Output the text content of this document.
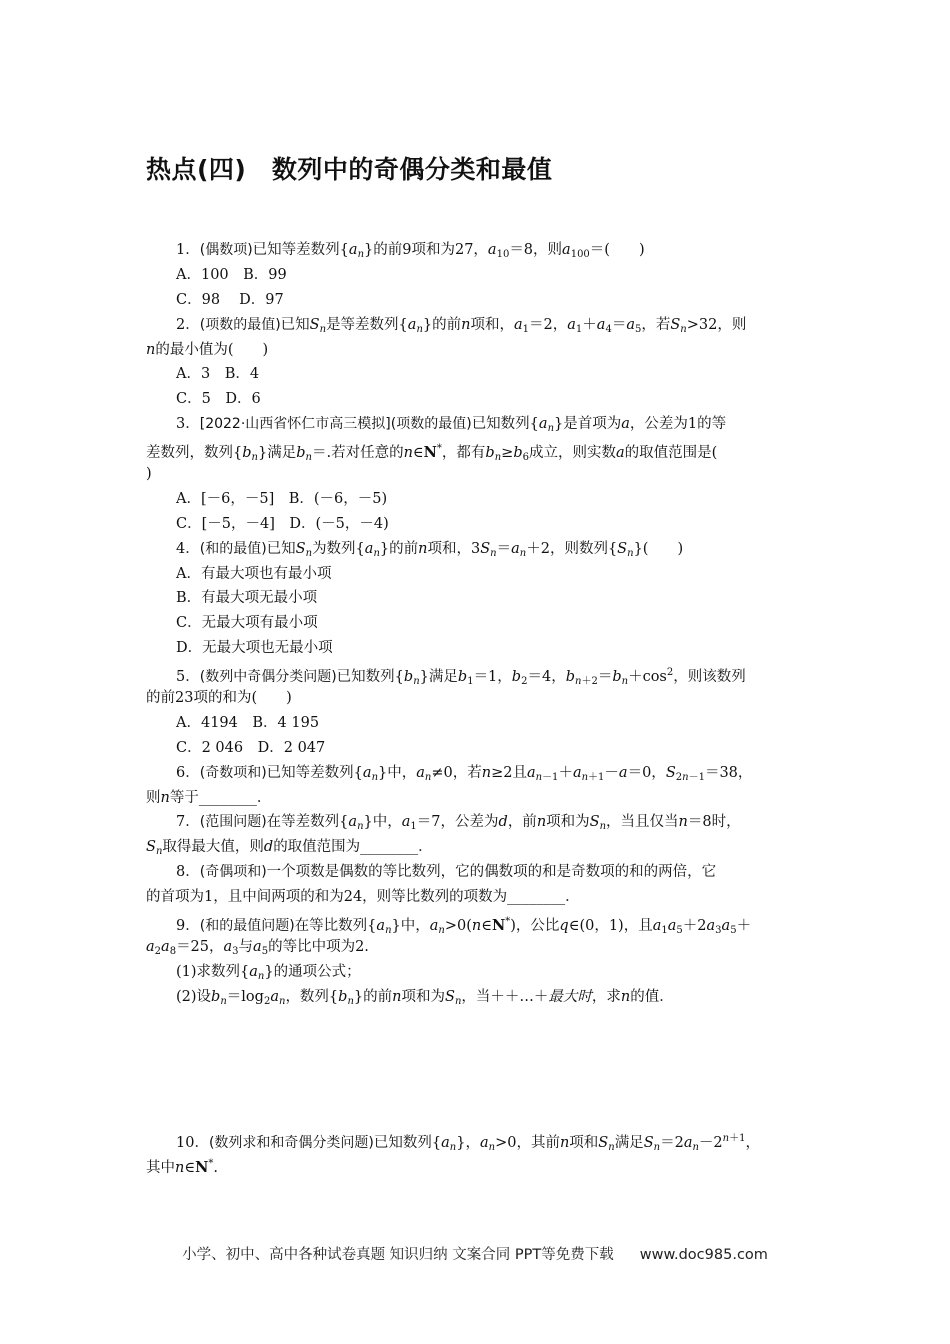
热点(四)　数列中的奇偶分类和最值
1．(偶数项)已知等差数列$\{a_n\}$的前9项和为27，$a_{10}=8$，则$a_{100}=$(　　)
A．100　B．99
C．98　 D．97
2．(项数的最值)已知$S_n$是等差数列$\{a_n\}$的前n项和，$a_1=2$，$a_1+a_4=a_5$，若$S_n>32$，则
n的最小值为(　　)
A．3　B．4
C．5　D．6
3．[2022·山西省怀仁市高三模拟](项数的最值)已知数列$\{a_n\}$是首项为a，公差为1的等
差数列，数列$\{b_n\}$满足$b_n=$.若对任意的n∈N*，都有$b_n\ge b_6$成立，则实数a的取值范围是(
)
A．[－6，－5]　B．(－6，－5)
C．[－5，－4]　D．(－5，－4)
4．(和的最值)已知$S_n$为数列$\{a_n\}$的前n项和，$3S_n=a_n+2$，则数列$\{S_n\}$(　　)
A．有最大项也有最小项
B．有最大项无最小项
C．无最大项有最小项
D．无最大项也无最小项
5．(数列中奇偶分类问题)已知数列$\{b_n\}$满足$b_1=1$，$b_2=4$，$b_{n+2}=b_n+\cos^2$，则该数列
的前23项的和为(　　)
A．4194　B．4 195
C．2 046　D．2 047
6．(奇数项和)已知等差数列$\{a_n\}$中，$a_n\ne 0$，若n≥2且$a_{n-1}+a_{n+1}-a=0$，$S_{2n-1}=38$，
则n等于________．
7．(范围问题)在等差数列$\{a_n\}$中，$a_1=7$，公差为d，前n项和为$S_n$，当且仅当n＝8时，
$S_n$取得最大值，则d的取值范围为________．
8．(奇偶项和)一个项数是偶数的等比数列，它的偶数项的和是奇数项的和的两倍，它
的首项为1，且中间两项的和为24，则等比数列的项数为________．
9．(和的最值问题)在等比数列$\{a_n\}$中，$a_n>0(n\in N^*)$，公比q∈(0，1)，且$a_1a_5+2a_3a_5+$
$a_2a_8=25$，$a_3$与$a_5$的等比中项为2.
(1)求数列$\{a_n\}$的通项公式；
(2)设$b_n=\log_2a_n$，数列$\{b_n\}$的前n项和为$S_n$，当＋＋…＋最大时，求n的值．
10．(数列求和和奇偶分类问题)已知数列$\{a_n\}$，$a_n>0$，其前n项和$S_n$满足$S_n=2a_n-2^{n+1}$，
其中n∈N*.
小学、初中、高中各种试卷真题 知识归纳 文案合同 PPT等免费下载 www.doc985.com
